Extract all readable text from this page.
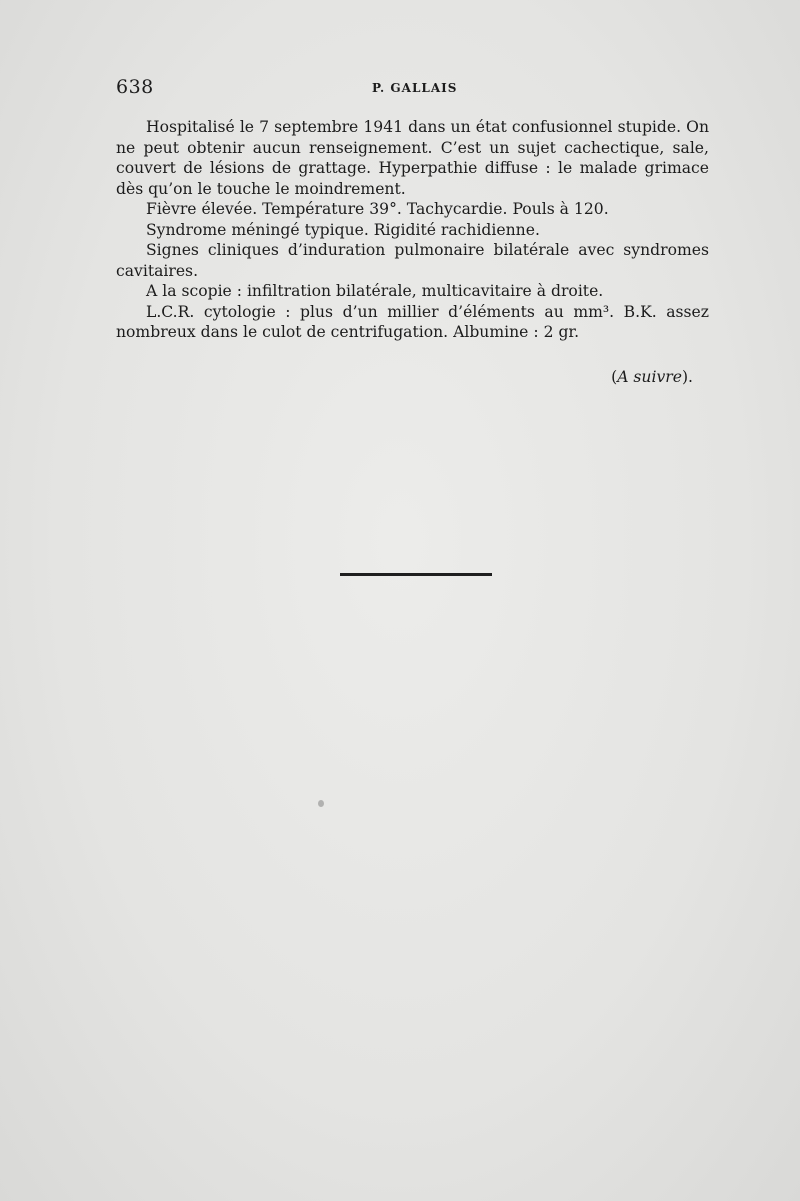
638	P. GALLAIS

Hospitalisé le 7 septembre 1941 dans un état confusionnel stupide. On ne peut obtenir aucun renseignement. C’est un sujet cachectique, sale, couvert de lésions de grattage. Hyperpathie diffuse : le malade grimace dès qu’on le touche le moindrement.

Fièvre élevée. Température 39°. Tachycardie. Pouls à 120.

Syndrome méningé typique. Rigidité rachidienne.

Signes cliniques d’induration pulmonaire bilatérale avec syndromes cavitaires.

A la scopie : infiltration bilatérale, multicavitaire à droite.

L.C.R. cytologie : plus d’un millier d’éléments au mm³. B.K. assez nombreux dans le culot de centrifugation. Albumine : 2 gr.

(A suivre).
